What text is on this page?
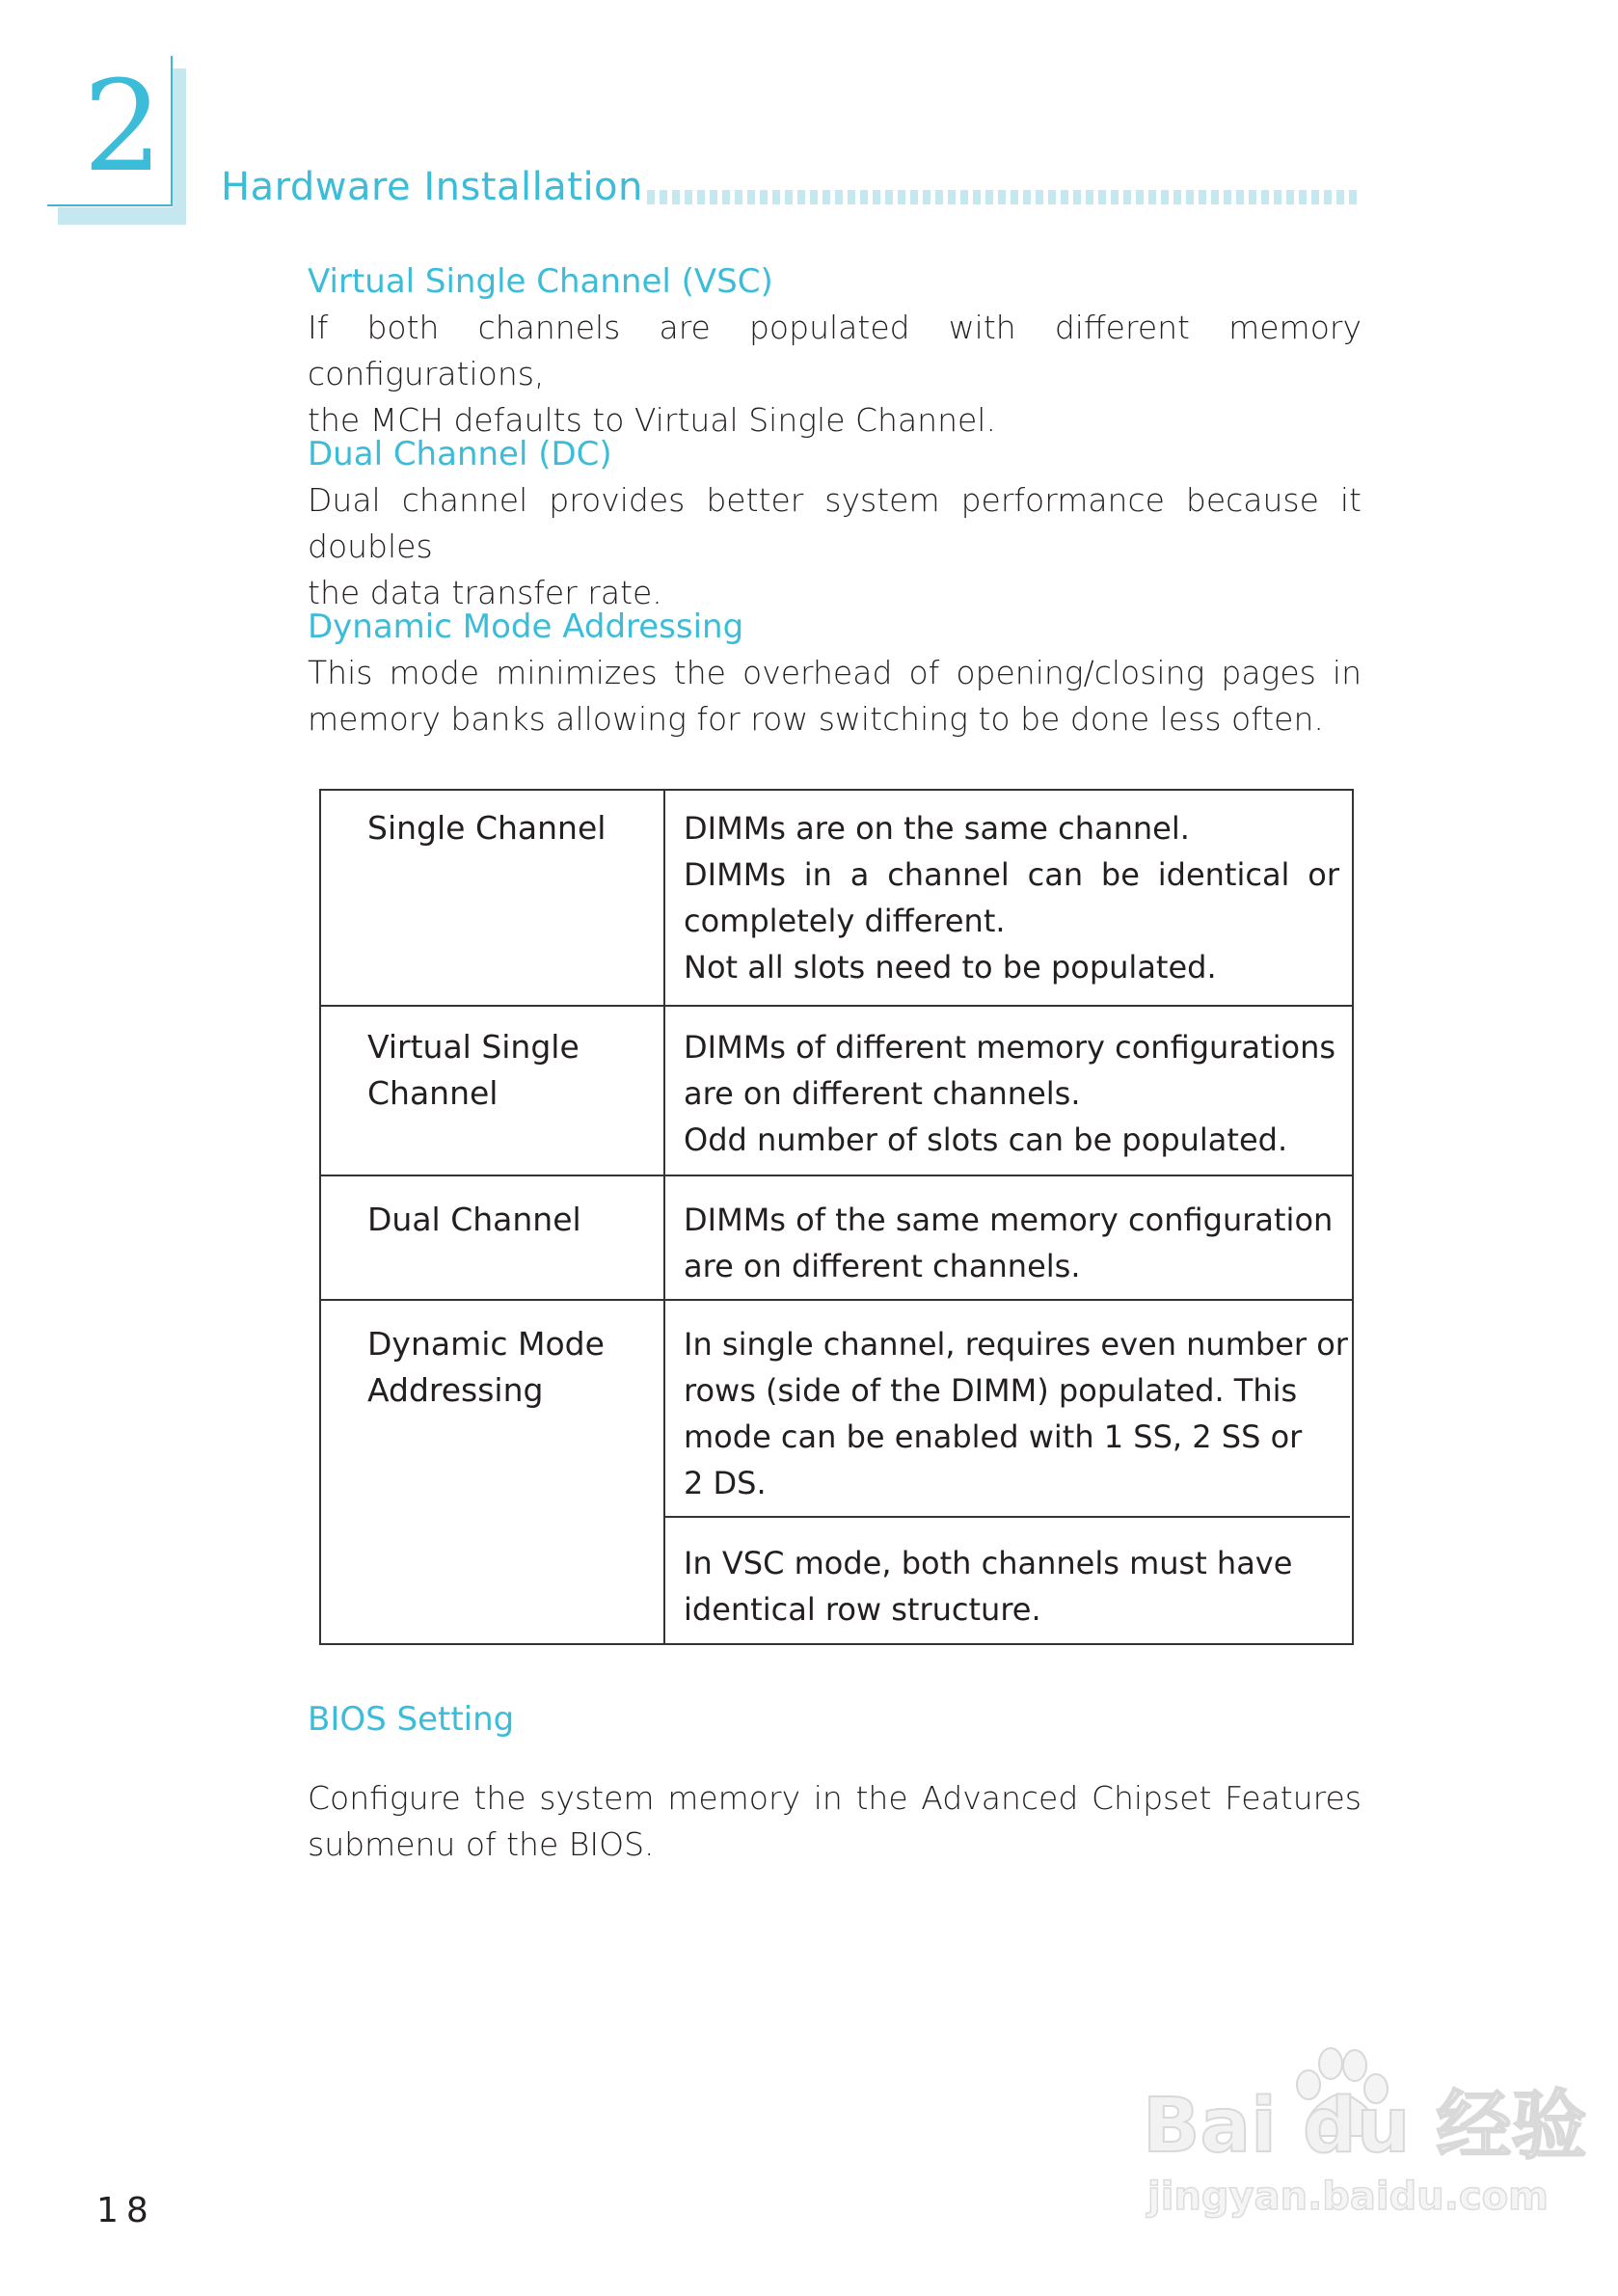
2 Hardware Installation
Virtual Single Channel (VSC)
If both channels are populated with different memory configurations,
the MCH defaults to Virtual Single Channel.
Dual Channel (DC)
Dual channel provides better system performance because it doubles
the data transfer rate.
Dynamic Mode Addressing
This mode minimizes the overhead of opening/closing pages in
memory banks allowing for row switching to be done less often.
Single Channel	DIMMs are on the same channel.
DIMMs in a channel can be identical or
completely different.
Not all slots need to be populated.
Virtual Single
Channel
DIMMs of different memory configurations
are on different channels.
Odd number of slots can be populated.
Dual Channel	DIMMs of the same memory configuration
are on different channels.
Dynamic Mode
Addressing
In single channel, requires even number or
rows (side of the DIMM) populated. This
mode can be enabled with 1 SS, 2 SS or
2 DS.
In VSC mode, both channels must have
identical row structure.
BIOS Setting
Configure the system memory in the Advanced Chipset Features
submenu of the BIOS.
18
Bai du 经验
jingyan.baidu.com
